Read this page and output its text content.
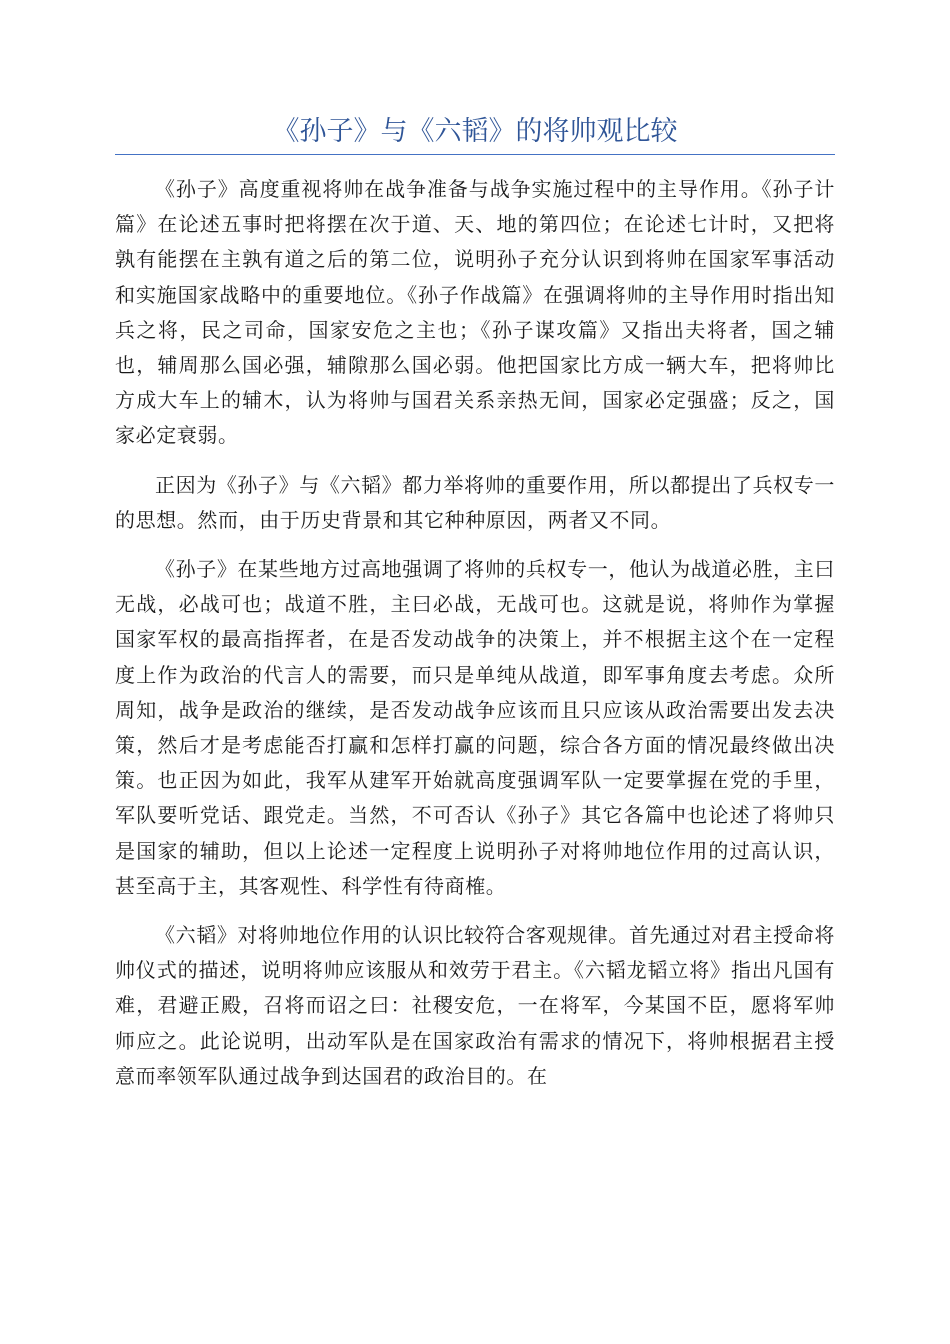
《孙子》与《六韬》的将帅观比较

《孙子》高度重视将帅在战争准备与战争实施过程中的主导作用。《孙子计篇》在论述五事时把将摆在次于道、天、地的第四位；在论述七计时，又把将孰有能摆在主孰有道之后的第二位，说明孙子充分认识到将帅在国家军事活动和实施国家战略中的重要地位。《孙子作战篇》在强调将帅的主导作用时指出知兵之将，民之司命，国家安危之主也；《孙子谋攻篇》又指出夫将者，国之辅也，辅周那么国必强，辅隙那么国必弱。他把国家比方成一辆大车，把将帅比方成大车上的辅木，认为将帅与国君关系亲热无间，国家必定强盛；反之，国家必定衰弱。

正因为《孙子》与《六韬》都力举将帅的重要作用，所以都提出了兵权专一的思想。然而，由于历史背景和其它种种原因，两者又不同。

《孙子》在某些地方过高地强调了将帅的兵权专一，他认为战道必胜，主曰无战，必战可也；战道不胜，主曰必战，无战可也。这就是说，将帅作为掌握国家军权的最高指挥者，在是否发动战争的决策上，并不根据主这个在一定程度上作为政治的代言人的需要，而只是单纯从战道，即军事角度去考虑。众所周知，战争是政治的继续，是否发动战争应该而且只应该从政治需要出发去决策，然后才是考虑能否打赢和怎样打赢的问题，综合各方面的情况最终做出决策。也正因为如此，我军从建军开始就高度强调军队一定要掌握在党的手里，军队要听党话、跟党走。当然，不可否认《孙子》其它各篇中也论述了将帅只是国家的辅助，但以上论述一定程度上说明孙子对将帅地位作用的过高认识，甚至高于主，其客观性、科学性有待商榷。

《六韬》对将帅地位作用的认识比较符合客观规律。首先通过对君主授命将帅仪式的描述，说明将帅应该服从和效劳于君主。《六韬龙韬立将》指出凡国有难，君避正殿，召将而诏之曰：社稷安危，一在将军，今某国不臣，愿将军帅师应之。此论说明，出动军队是在国家政治有需求的情况下，将帅根据君主授意而率领军队通过战争到达国君的政治目的。在
